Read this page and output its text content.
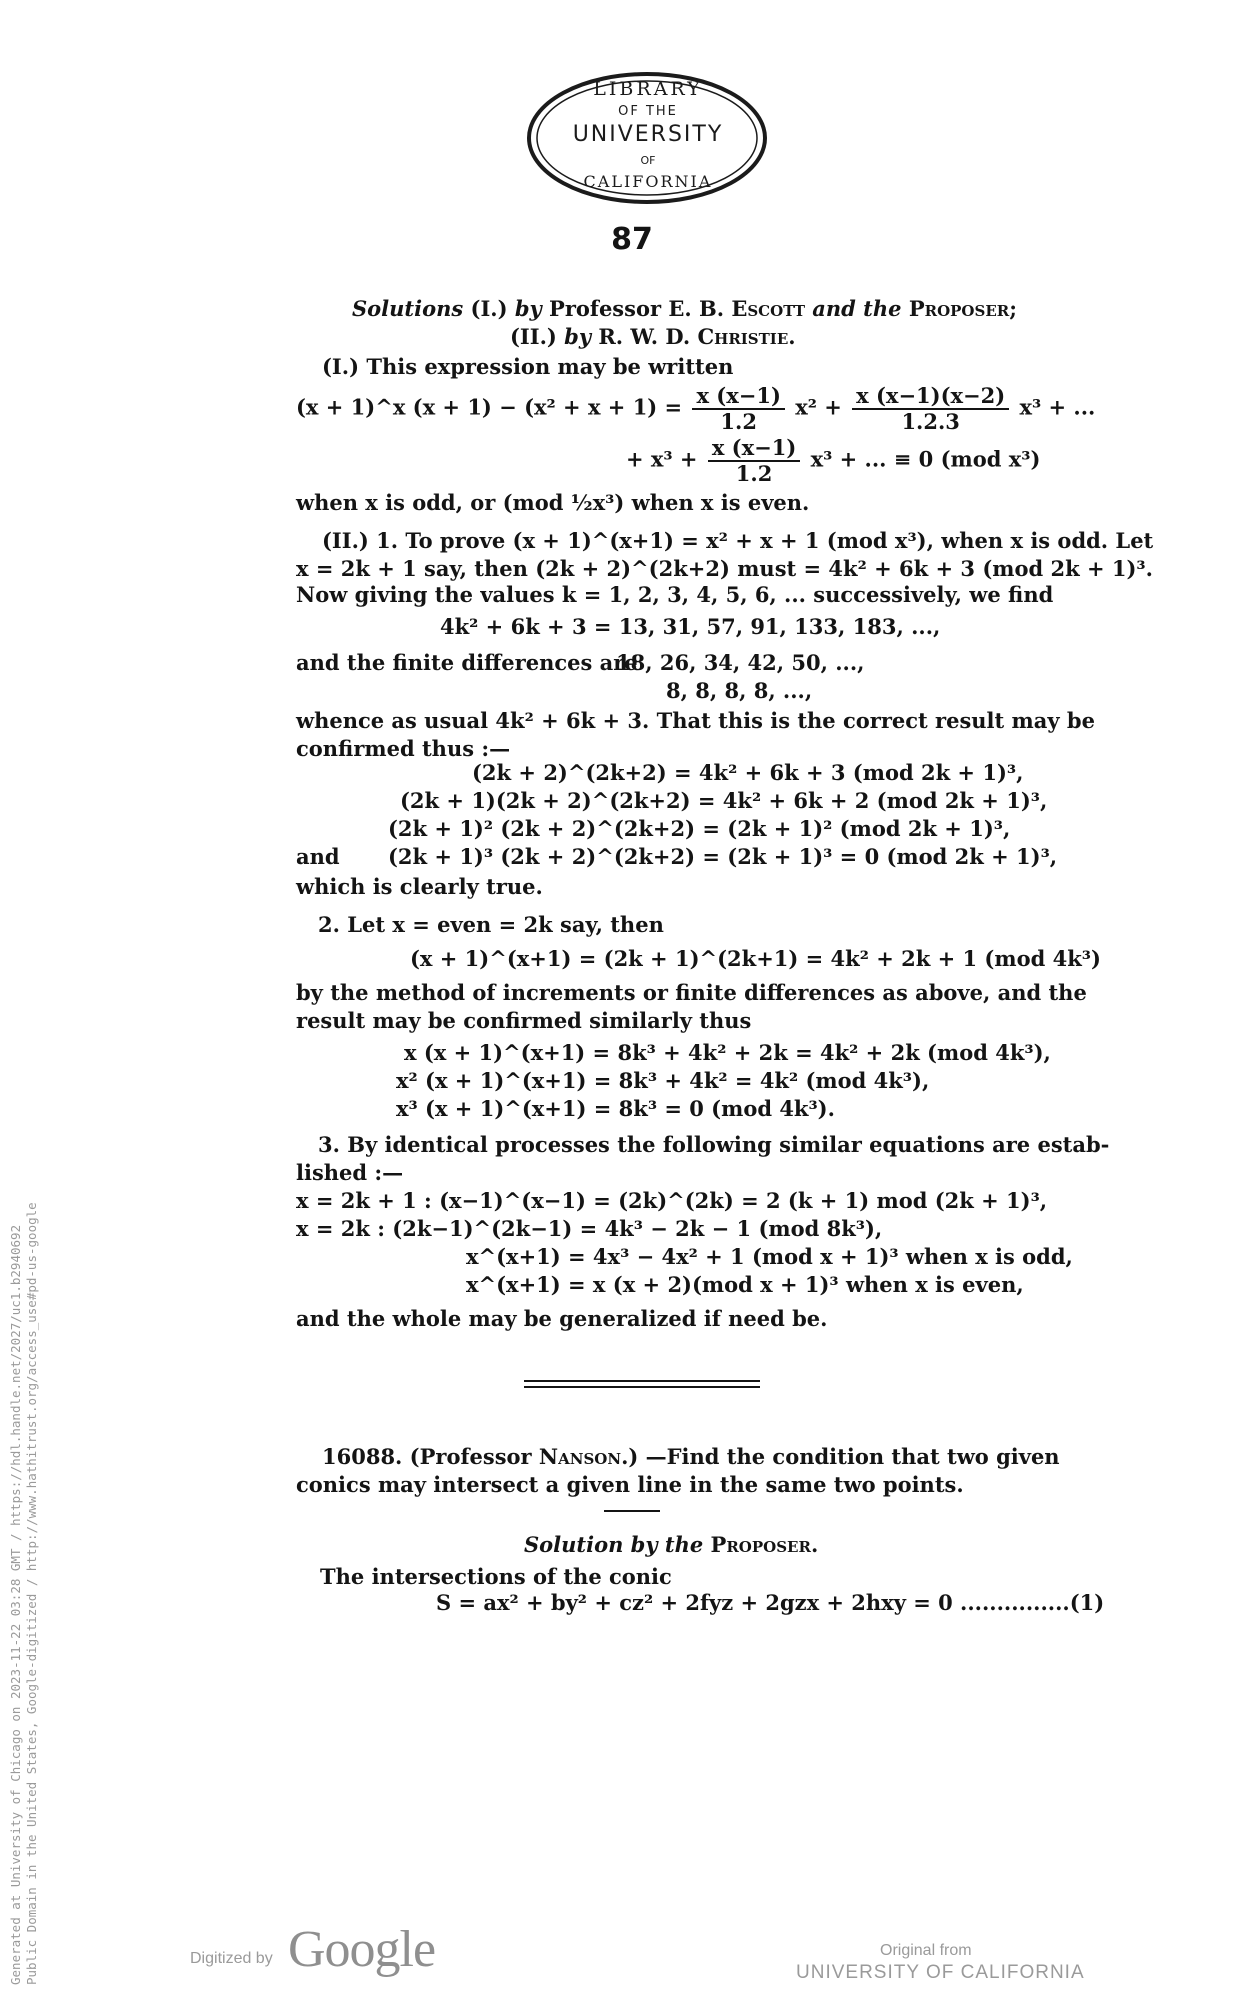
LIBRARY
OF THE
UNIVERSITY
OF
CALIFORNIA
87
Solutions (I.) by Professor E. B. Escott and the Proposer;
(II.) by R. W. D. Christie.
(I.) This expression may be written
(x + 1)^x $(x + 1) - (x^2 + x + 1) = \frac{x (x-1)}{1.2} x^2 + \frac{x (x-1)(x-2)}{1.2.3} x^3$ + ...
+ $x^3 + \frac{x (x-1)}{1.2} x^3$ + ... ≡ 0 (mod x³)
when x is odd, or (mod ½x³) when x is even.
(II.) 1. To prove (x + 1)^(x+1) = x² + x + 1 (mod x³), when x is odd. Let
x = 2k + 1 say, then (2k + 2)^(2k+2) must = 4k² + 6k + 3 (mod 2k + 1)³.
Now giving the values k = 1, 2, 3, 4, 5, 6, ... successively, we find
4k² + 6k + 3 = 13, 31, 57, 91, 133, 183, ...,
and the finite differences are
18, 26, 34, 42, 50, ...,
8, 8, 8, 8, ...,
whence as usual 4k² + 6k + 3. That this is the correct result may be
confirmed thus :—
(2k + 2)^(2k+2) = 4k² + 6k + 3 (mod 2k + 1)³,
(2k + 1)(2k + 2)^(2k+2) = 4k² + 6k + 2 (mod 2k + 1)³,
(2k + 1)² (2k + 2)^(2k+2) = (2k + 1)² (mod 2k + 1)³,
and (2k + 1)³ (2k + 2)^(2k+2) = (2k + 1)³ = 0 (mod 2k + 1)³,
which is clearly true.
2. Let x = even = 2k say, then
(x + 1)^(x+1) = (2k + 1)^(2k+1) = 4k² + 2k + 1 (mod 4k³)
by the method of increments or finite differences as above, and the
result may be confirmed similarly thus
x (x + 1)^(x+1) = 8k³ + 4k² + 2k = 4k² + 2k (mod 4k³),
x² (x + 1)^(x+1) = 8k³ + 4k² = 4k² (mod 4k³),
x³ (x + 1)^(x+1) = 8k³ = 0 (mod 4k³).
3. By identical processes the following similar equations are estab-
lished :—
x = 2k + 1 : (x−1)^(x−1) = (2k)^(2k) = 2 (k + 1) mod (2k + 1)³,
x = 2k : (2k−1)^(2k−1) = 4k³ − 2k − 1 (mod 8k³),
x^(x+1) = 4x³ − 4x² + 1 (mod x + 1)³ when x is odd,
x^(x+1) = x (x + 2)(mod x + 1)³ when x is even,
and the whole may be generalized if need be.
16088. (Professor Nanson.) —Find the condition that two given
conics may intersect a given line in the same two points.
Solution by the Proposer.
The intersections of the conic
S = ax² + by² + cz² + 2fyz + 2gzx + 2hxy = 0 ...............(1)
Generated at University of Chicago on 2023-11-22 03:28 GMT / https://hdl.handle.net/2027/uc1.b2940692 Public Domain in the United States, Google-digitized / http://www.hathitrust.org/access_use#pd-us-google	Digitized by Google	Original from
UNIVERSITY OF CALIFORNIA
